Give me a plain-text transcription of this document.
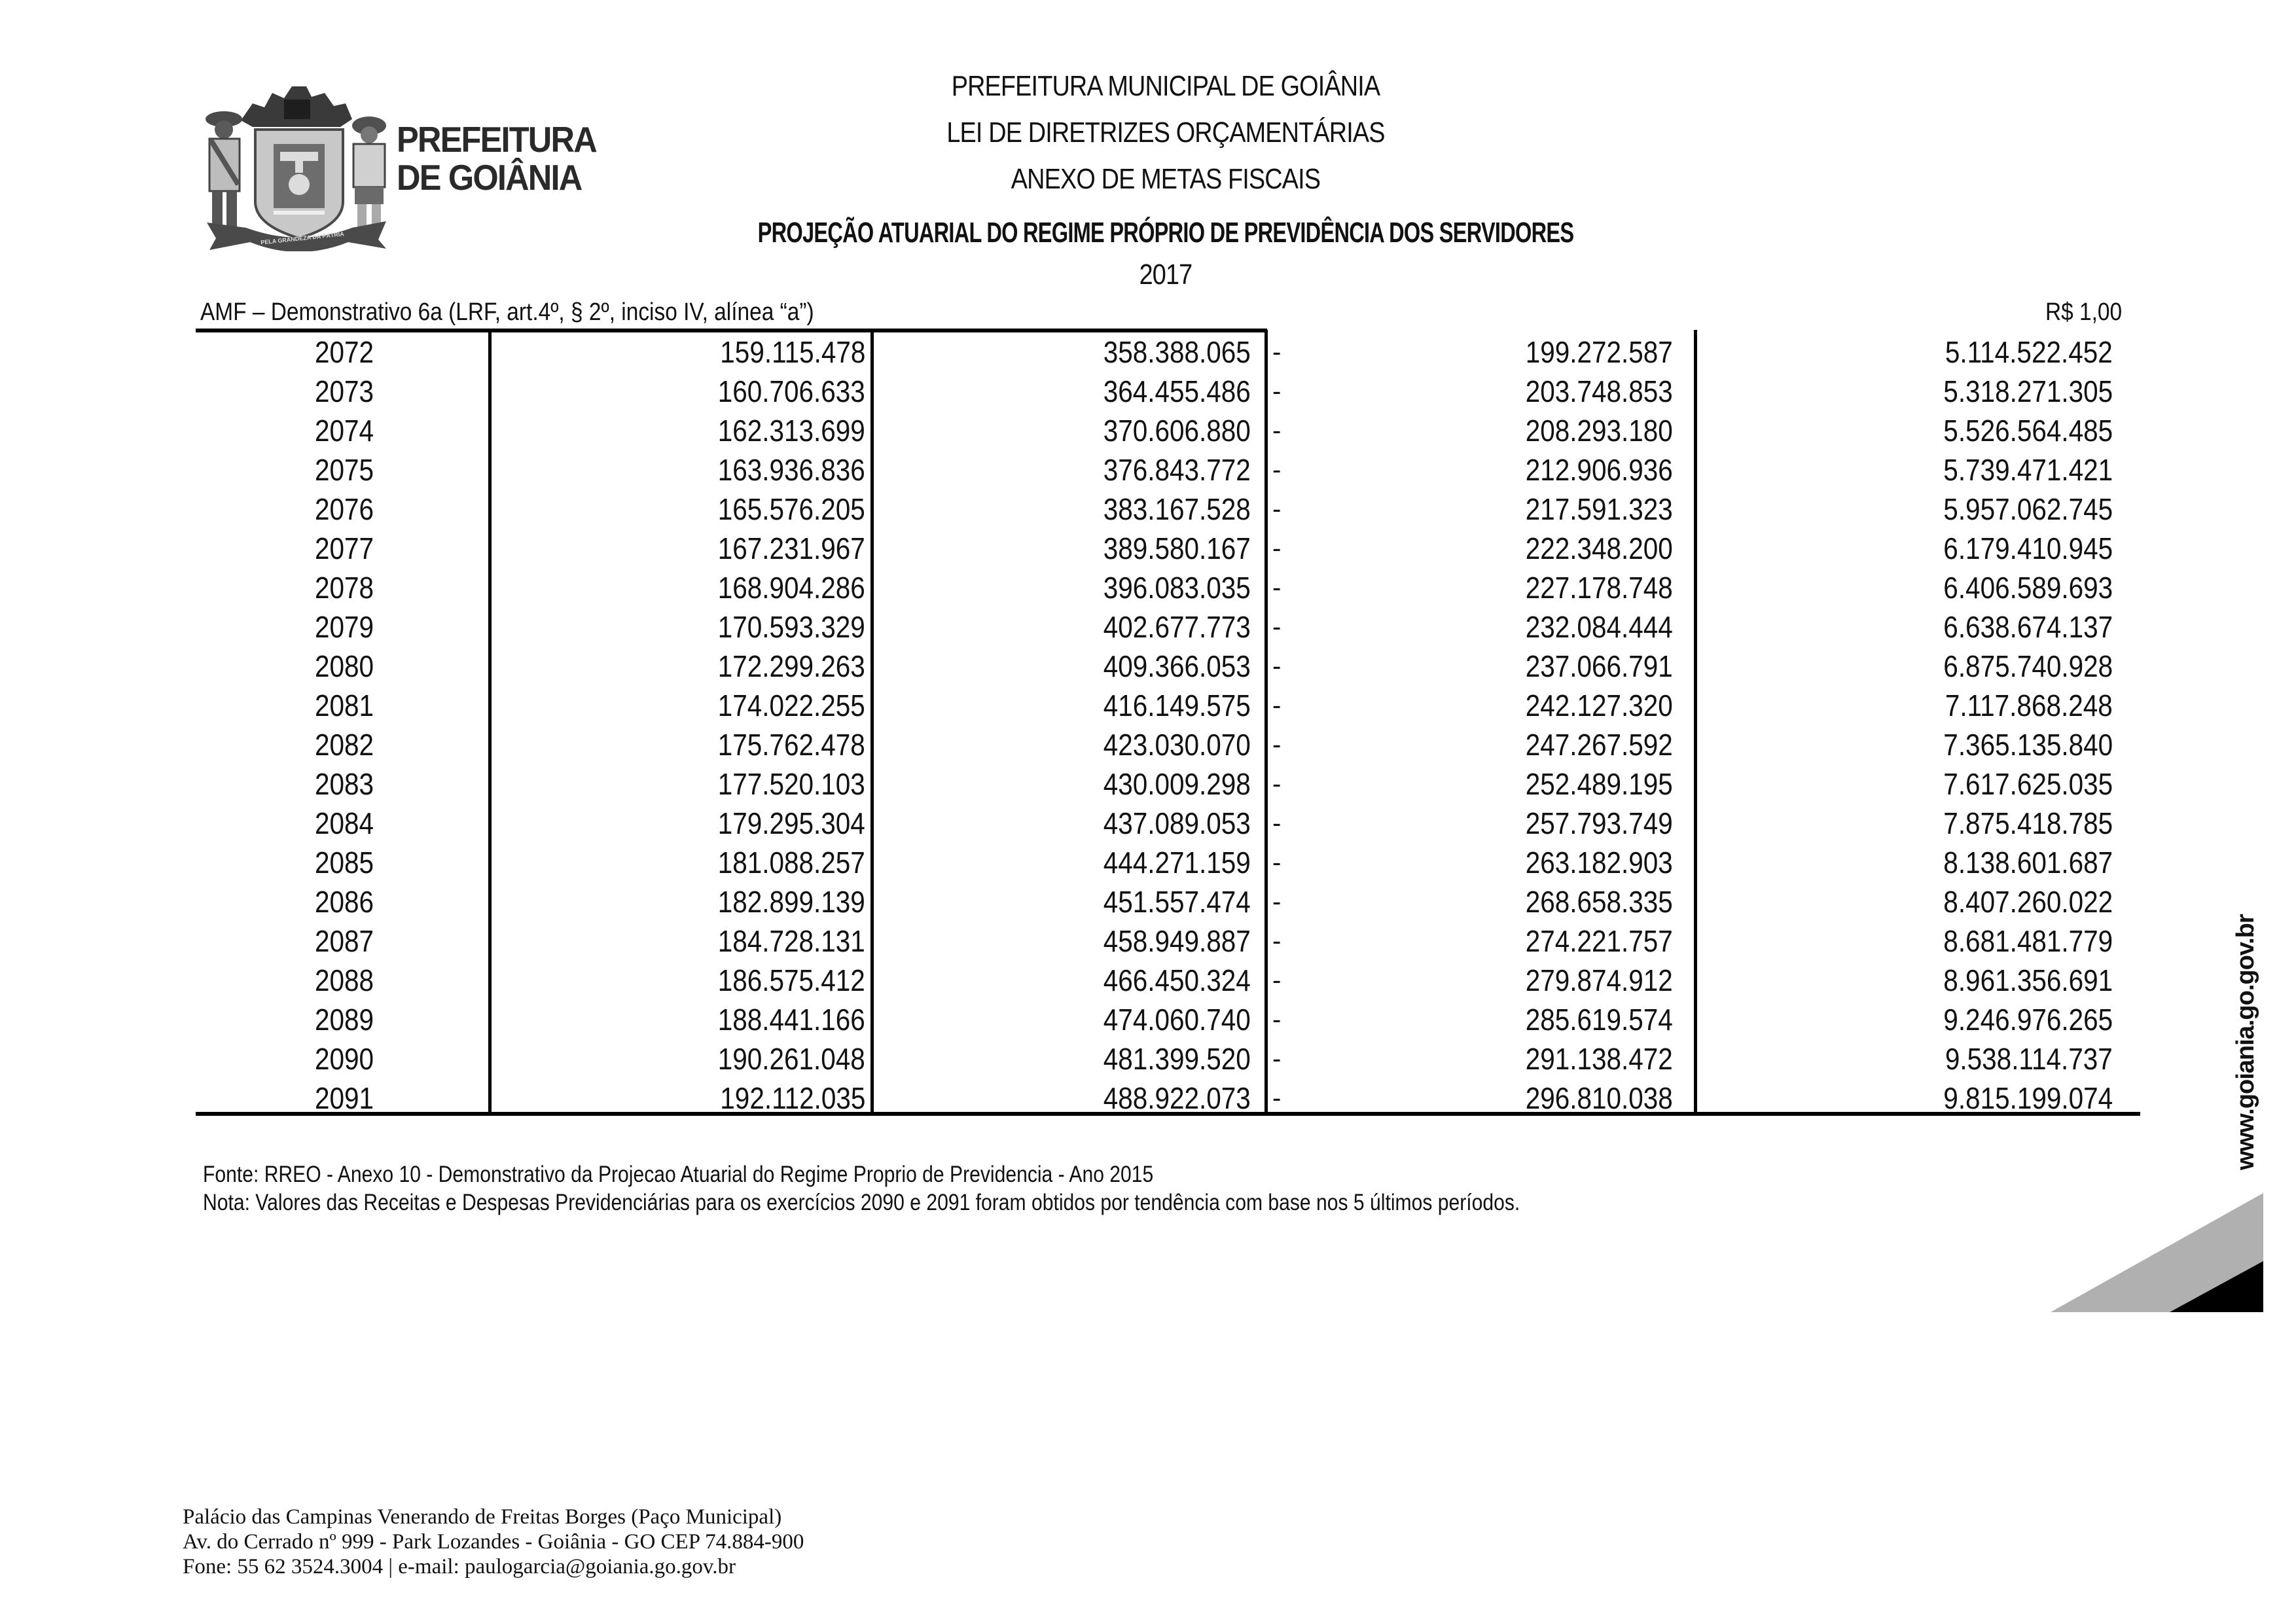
PELA GRANDEZA DA PÁTRIA
PREFEITURA
DE GOIÂNIA
PREFEITURA MUNICIPAL DE GOIÂNIA
LEI DE DIRETRIZES ORÇAMENTÁRIAS
ANEXO DE METAS FISCAIS
PROJEÇÃO ATUARIAL DO REGIME PRÓPRIO DE PREVIDÊNCIA DOS SERVIDORES
2017
AMF – Demonstrativo 6a (LRF, art.4º, § 2º, inciso IV, alínea “a”)	R$ 1,00
2072	159.115.478	358.388.065 -	199.272.587	5.114.522.452
2073	160.706.633	364.455.486 -	203.748.853	5.318.271.305
2074	162.313.699	370.606.880 -	208.293.180	5.526.564.485
2075	163.936.836	376.843.772 -	212.906.936	5.739.471.421
2076	165.576.205	383.167.528 -	217.591.323	5.957.062.745
2077	167.231.967	389.580.167 -	222.348.200	6.179.410.945
2078	168.904.286	396.083.035 -	227.178.748	6.406.589.693
2079	170.593.329	402.677.773 -	232.084.444	6.638.674.137
2080	172.299.263	409.366.053 -	237.066.791	6.875.740.928
2081	174.022.255	416.149.575 -	242.127.320	7.117.868.248
2082	175.762.478	423.030.070 -	247.267.592	7.365.135.840
2083	177.520.103	430.009.298 -	252.489.195	7.617.625.035
2084	179.295.304	437.089.053 -	257.793.749	7.875.418.785
2085	181.088.257	444.271.159 -	263.182.903	8.138.601.687
2086	182.899.139	451.557.474 -	268.658.335	8.407.260.022
2087	184.728.131	458.949.887 -	274.221.757	8.681.481.779
2088	186.575.412	466.450.324 -	279.874.912	8.961.356.691
2089	188.441.166	474.060.740 -	285.619.574	9.246.976.265
2090	190.261.048	481.399.520 -	291.138.472	9.538.114.737
2091	192.112.035	488.922.073 -	296.810.038	9.815.199.074
Fonte: RREO - Anexo 10 - Demonstrativo da Projecao Atuarial do Regime Proprio de Previdencia - Ano 2015
Nota: Valores das Receitas e Despesas Previdenciárias para os exercícios 2090 e 2091 foram obtidos por tendência com base nos 5 últimos períodos.
Palácio das Campinas Venerando de Freitas Borges (Paço Municipal)
Av. do Cerrado nº 999 - Park Lozandes - Goiânia - GO CEP 74.884-900
Fone: 55 62 3524.3004 | e-mail: paulogarcia@goiania.go.gov.br
www.goiania.go.gov.br
